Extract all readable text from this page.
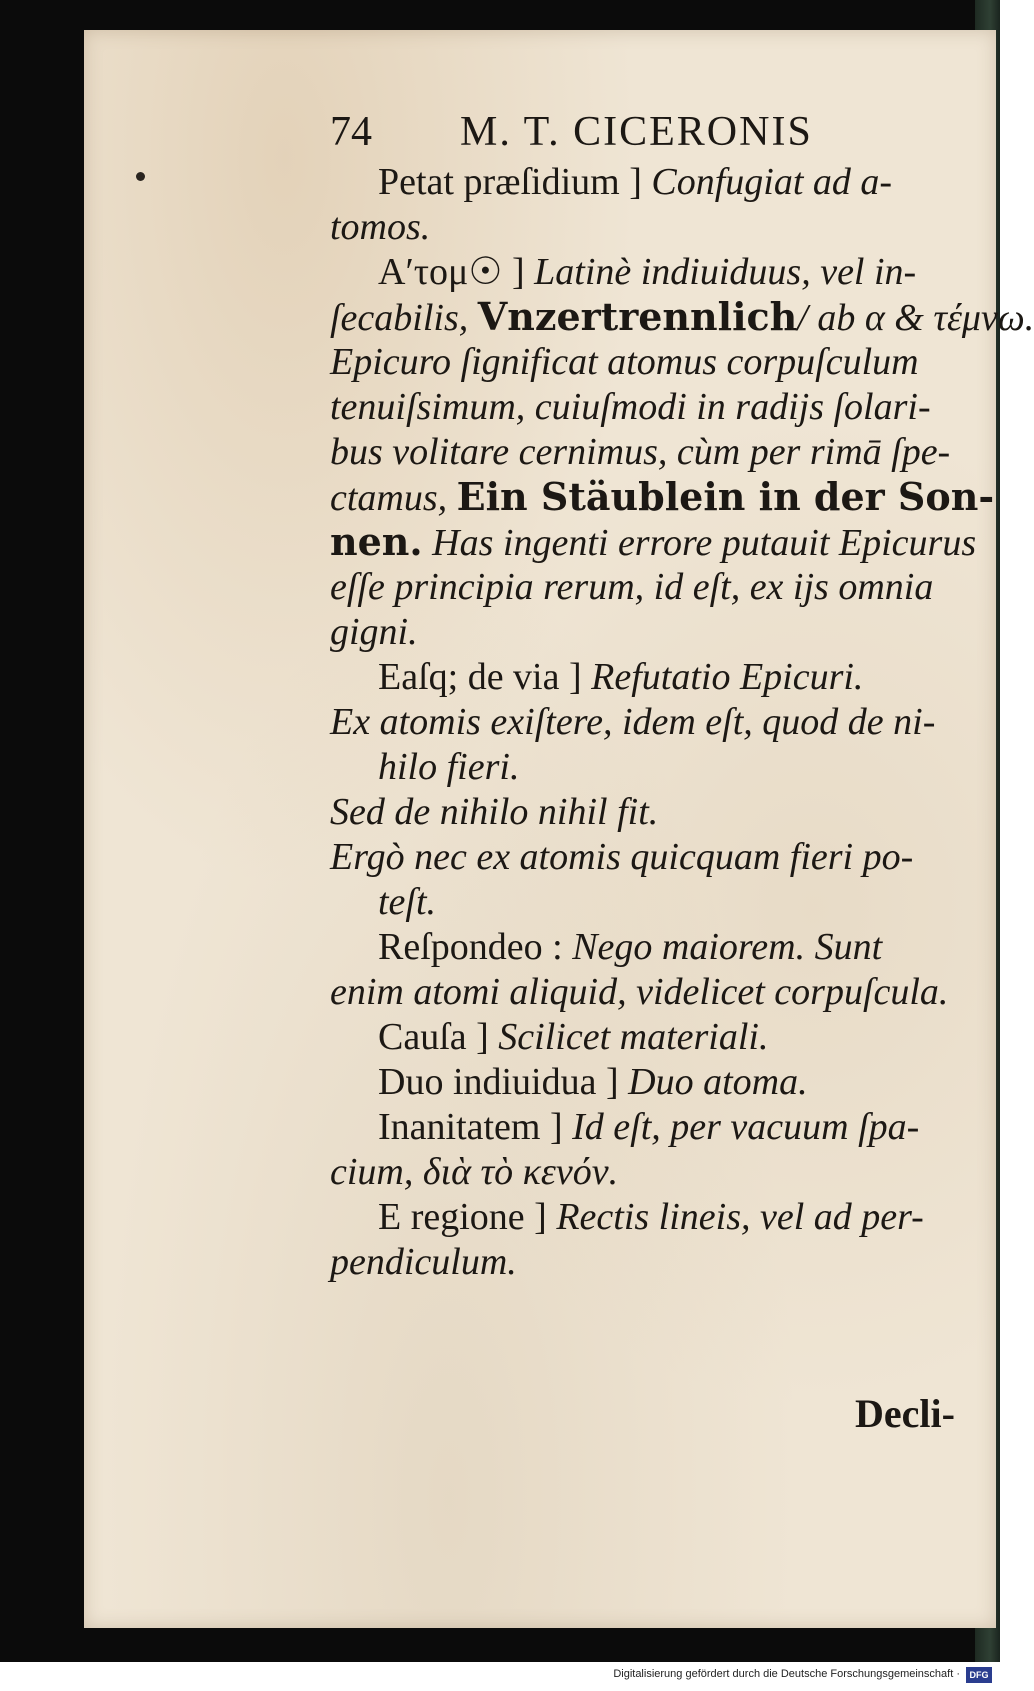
74 M. T. CICERONIS
Petat præſidium ] Confugiat ad a-
tomos.
Aʹτομ☉ ] Latinè indiuiduus, vel in-
ſecabilis, Vnzertrennlich/ ab α & τέμνω.
Epicuro ſignificat atomus corpuſculum
tenuiſsimum, cuiuſmodi in radijs ſolari-
bus volitare cernimus, cùm per rimā ſpe-
ctamus, Ein Stäublein in der Son-
nen. Has ingenti errore putauit Epicurus
eſſe principia rerum, id eſt, ex ijs omnia
gigni.
Eaſq; de via ] Refutatio Epicuri.
Ex atomis exiſtere, idem eſt, quod de ni-
hilo fieri.
Sed de nihilo nihil fit.
Ergò nec ex atomis quicquam fieri po-
teſt.
Reſpondeo : Nego maiorem. Sunt
enim atomi aliquid, videlicet corpuſcula.
Cauſa ] Scilicet materiali.
Duo indiuidua ] Duo atoma.
Inanitatem ] Id eſt, per vacuum ſpa-
cium, διὰ τὸ κενόν.
E regione ] Rectis lineis, vel ad per-
pendiculum.
Decli-
Digitalisierung gefördert durch die Deutsche Forschungsgemeinschaft ·	DFG
